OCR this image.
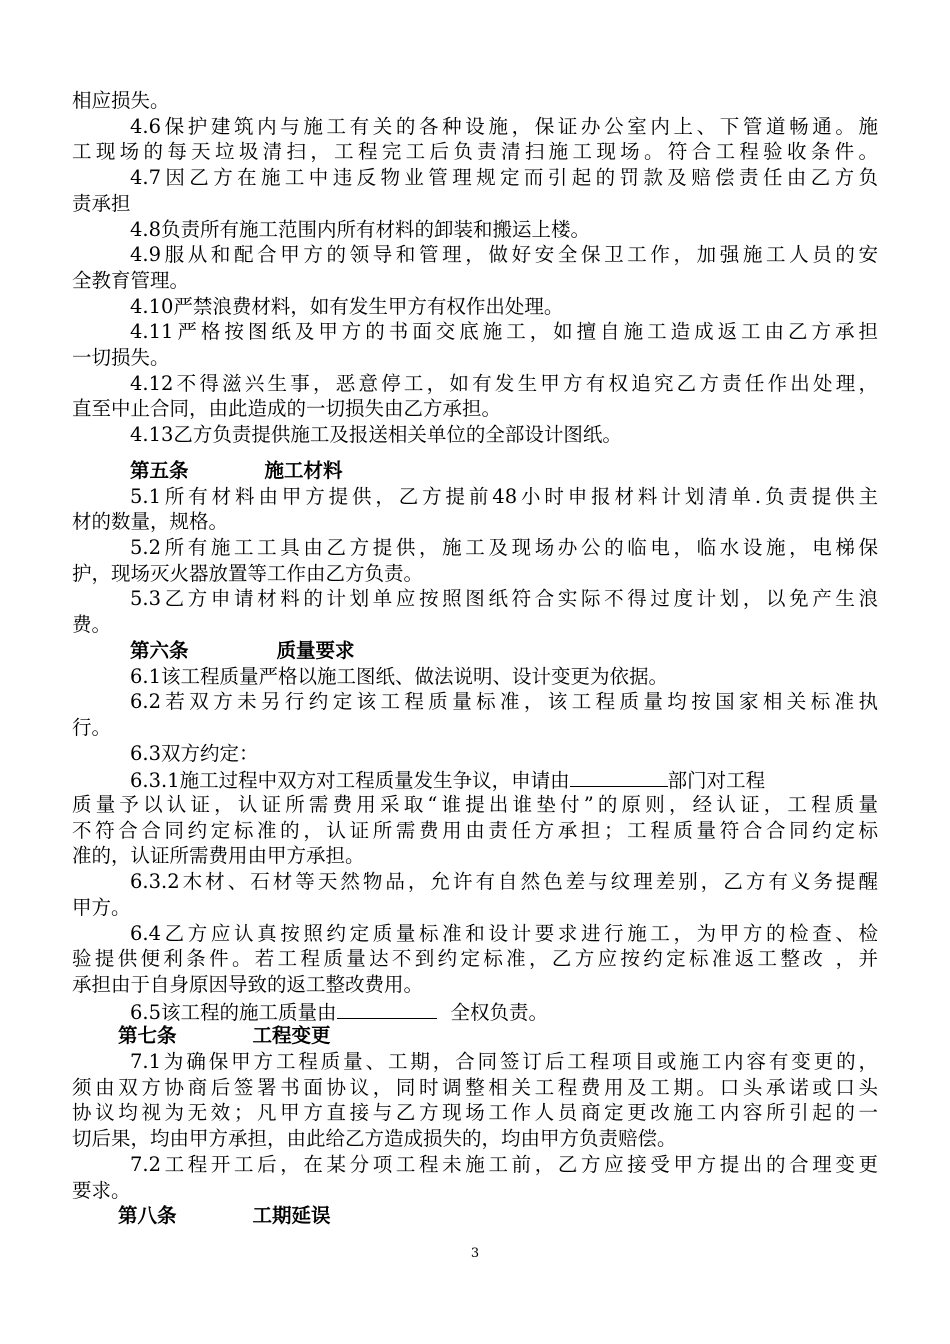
相应损失。
4.6保护建筑内与施工有关的各种设施，保证办公室内上、下管道畅通。施
工现场的每天垃圾清扫，工程完工后负责清扫施工现场。符合工程验收条件。
4.7因乙方在施工中违反物业管理规定而引起的罚款及赔偿责任由乙方负
责承担
4.8负责所有施工范围内所有材料的卸装和搬运上楼。
4.9服从和配合甲方的领导和管理，做好安全保卫工作，加强施工人员的安
全教育管理。
4.10严禁浪费材料，如有发生甲方有权作出处理。
4.11严格按图纸及甲方的书面交底施工，如擅自施工造成返工由乙方承担
一切损失。
4.12不得滋兴生事，恶意停工，如有发生甲方有权追究乙方责任作出处理，
直至中止合同，由此造成的一切损失由乙方承担。
4.13乙方负责提供施工及报送相关单位的全部设计图纸。
第五条	施工材料
5.1所有材料由甲方提供，乙方提前48小时申报材料计划清单.负责提供主
材的数量，规格。
5.2所有施工工具由乙方提供，施工及现场办公的临电，临水设施，电梯保
护，现场灭火器放置等工作由乙方负责。
5.3乙方申请材料的计划单应按照图纸符合实际不得过度计划，以免产生浪
费。
第六条	质量要求
6.1该工程质量严格以施工图纸、做法说明、设计变更为依据。
6.2若双方未另行约定该工程质量标准，该工程质量均按国家相关标准执
行。
6.3双方约定：
6.3.1施工过程中双方对工程质量发生争议，申请由	部门对工程
质量予以认证，认证所需费用采取“谁提出谁垫付”的原则，经认证，工程质量
不符合合同约定标准的，认证所需费用由责任方承担；工程质量符合合同约定标
准的，认证所需费用由甲方承担。
6.3.2木材、石材等天然物品，允许有自然色差与纹理差别，乙方有义务提醒
甲方。
6.4乙方应认真按照约定质量标准和设计要求进行施工，为甲方的检查、检
验提供便利条件。若工程质量达不到约定标准，乙方应按约定标准返工整改 ，并
承担由于自身原因导致的返工整改费用。
6.5该工程的施工质量由	全权负责。
第七条	工程变更
7.1为确保甲方工程质量、工期，合同签订后工程项目或施工内容有变更的，
须由双方协商后签署书面协议，同时调整相关工程费用及工期。口头承诺或口头
协议均视为无效；凡甲方直接与乙方现场工作人员商定更改施工内容所引起的一
切后果，均由甲方承担，由此给乙方造成损失的，均由甲方负责赔偿。
7.2工程开工后，在某分项工程未施工前，乙方应接受甲方提出的合理变更
要求。
第八条	工期延误
3
